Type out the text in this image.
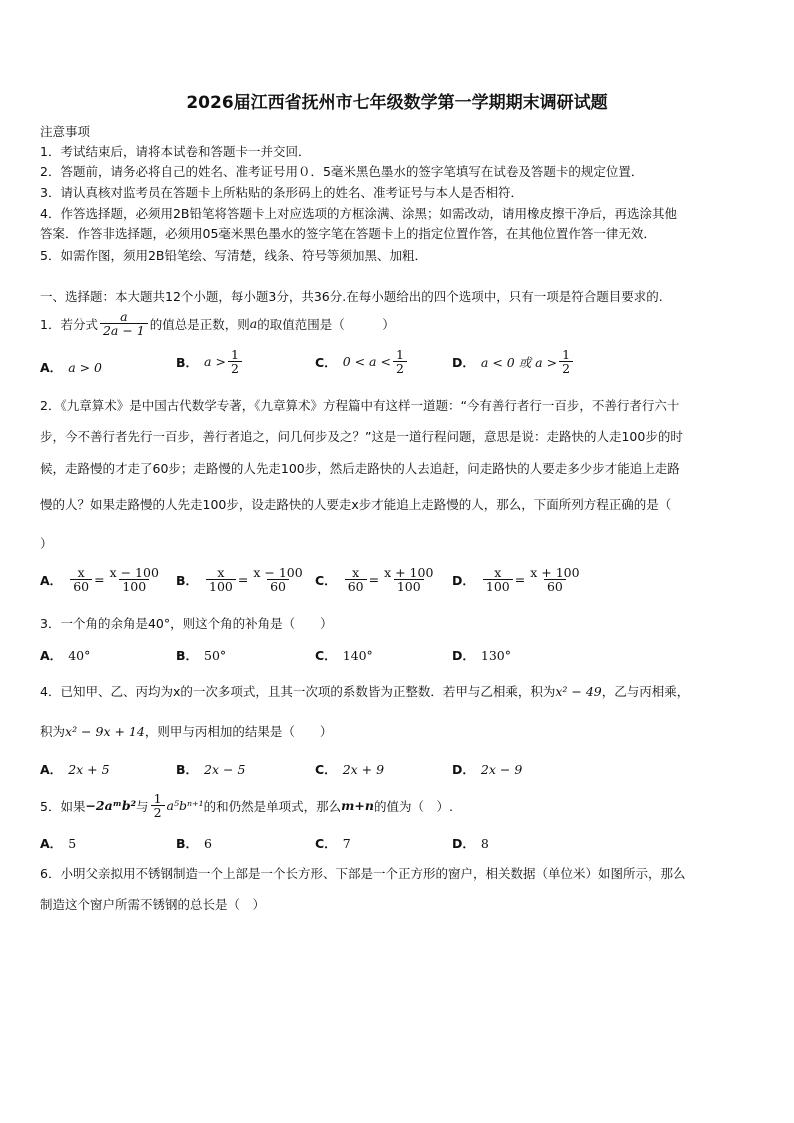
2026届江西省抚州市七年级数学第一学期期末调研试题
注意事项
1．考试结束后，请将本试卷和答题卡一并交回．
2．答题前，请务必将自己的姓名、准考证号用０．5毫米黑色墨水的签字笔填写在试卷及答题卡的规定位置．
3．请认真核对监考员在答题卡上所粘贴的条形码上的姓名、准考证号与本人是否相符．
4．作答选择题，必须用2B铅笔将答题卡上对应选项的方框涂满、涂黑；如需改动，请用橡皮擦干净后，再选涂其他
答案．作答非选择题，必须用05毫米黑色墨水的签字笔在答题卡上的指定位置作答，在其他位置作答一律无效．
5．如需作图，须用2B铅笔绘、写清楚，线条、符号等须加黑、加粗．
一、选择题：本大题共12个小题，每小题3分，共36分.在每小题给出的四个选项中，只有一项是符合题目要求的.
1．若分式 $\frac{a}{2a - 1}$ 的值总是正数，则 a 的取值范围是（　　　）
A． a > 0	B． $a > \frac{1}{2}$	C． $0 < a < \frac{1}{2}$	D． a < 0 或 $a > \frac{1}{2}$
2．《九章算术》是中国古代数学专著，《九章算术》方程篇中有这样一道题：“今有善行者行一百步，不善行者行六十
步，今不善行者先行一百步，善行者追之，问几何步及之？”这是一道行程问题，意思是说：走路快的人走100步的时
候，走路慢的才走了60步；走路慢的人先走100步，然后走路快的人去追赶，问走路快的人要走多少步才能追上走路
慢的人？如果走路慢的人先走100步，设走路快的人要走x步才能追上走路慢的人，那么，下面所列方程正确的是（
）
A． $\frac{x}{60} = \frac{x - 100}{100}$ B． $\frac{x}{100} = \frac{x - 100}{60}$ C． $\frac{x}{60} = \frac{x + 100}{100}$ D． $\frac{x}{100} = \frac{x + 100}{60}$
3．一个角的余角是40°，则这个角的补角是（　　）
A． 40°	B． 50°	C． 140°	D． 130°
4．已知甲、乙、丙均为x的一次多项式，且其一次项的系数皆为正整数．若甲与乙相乘，积为x² − 49，乙与丙相乘，
积为x² − 9x + 14，则甲与丙相加的结果是（　　）
A． 2x + 5	B． 2x − 5	C． 2x + 9	D． 2x − 9
5．如果 −2aᵐb² 与 $\frac{1}{2} a^5b^{n+1}$ 的和仍然是单项式，那么 m+n 的值为（　）.
A． 5	B． 6	C． 7	D． 8
6．小明父亲拟用不锈钢制造一个上部是一个长方形、下部是一个正方形的窗户，相关数据（单位米）如图所示，那么
制造这个窗户所需不锈钢的总长是（　）
